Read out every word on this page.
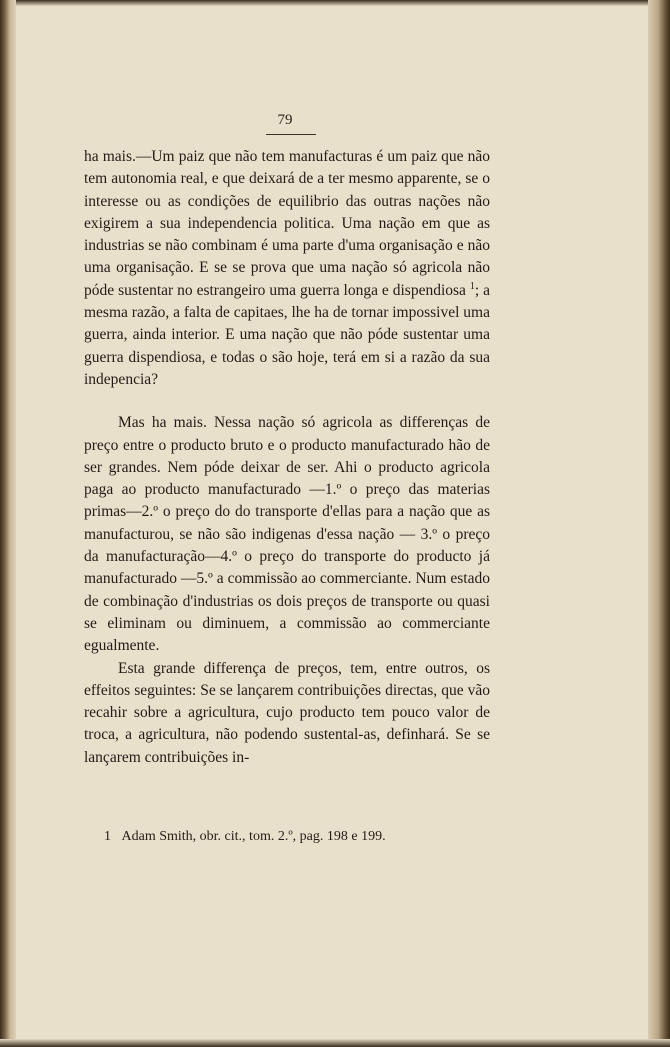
79

ha mais.—Um paiz que não tem manufacturas é um paiz que não tem autonomia real, e que deixará de a ter mesmo apparente, se o interesse ou as condições de equilibrio das outras nações não exigirem a sua independencia politica. Uma nação em que as industrias se não combinam é uma parte d'uma organisação e não uma organisação. E se se prova que uma nação só agricola não póde sustentar no estrangeiro uma guerra longa e dispendiosa $^1$; a mesma razão, a falta de capitaes, lhe ha de tornar impossivel uma guerra, ainda interior. E uma nação que não póde sustentar uma guerra dispendiosa, e todas o são hoje, terá em si a razão da sua indepencia?

Mas ha mais. Nessa nação só agricola as differenças de preço entre o producto bruto e o producto manufacturado hão de ser grandes. Nem póde deixar de ser. Ahi o producto agricola paga ao producto manufacturado —1.º o preço das materias primas—2.º o preço do do transporte d'ellas para a nação que as manufacturou, se não são indigenas d'essa nação — 3.º o preço da manufacturação—4.º o preço do transporte do producto já manufacturado —5.º a commissão ao commerciante. Num estado de combinação d'industrias os dois preços de transporte ou quasi se eliminam ou diminuem, a commissão ao commerciante egualmente.

Esta grande differença de preços, tem, entre outros, os effeitos seguintes: Se se lançarem contribuições directas, que vão recahir sobre a agricultura, cujo producto tem pouco valor de troca, a agricultura, não podendo sustental-as, definhará. Se se lançarem contribuições in-

1 Adam Smith, obr. cit., tom. 2.º, pag. 198 e 199.
